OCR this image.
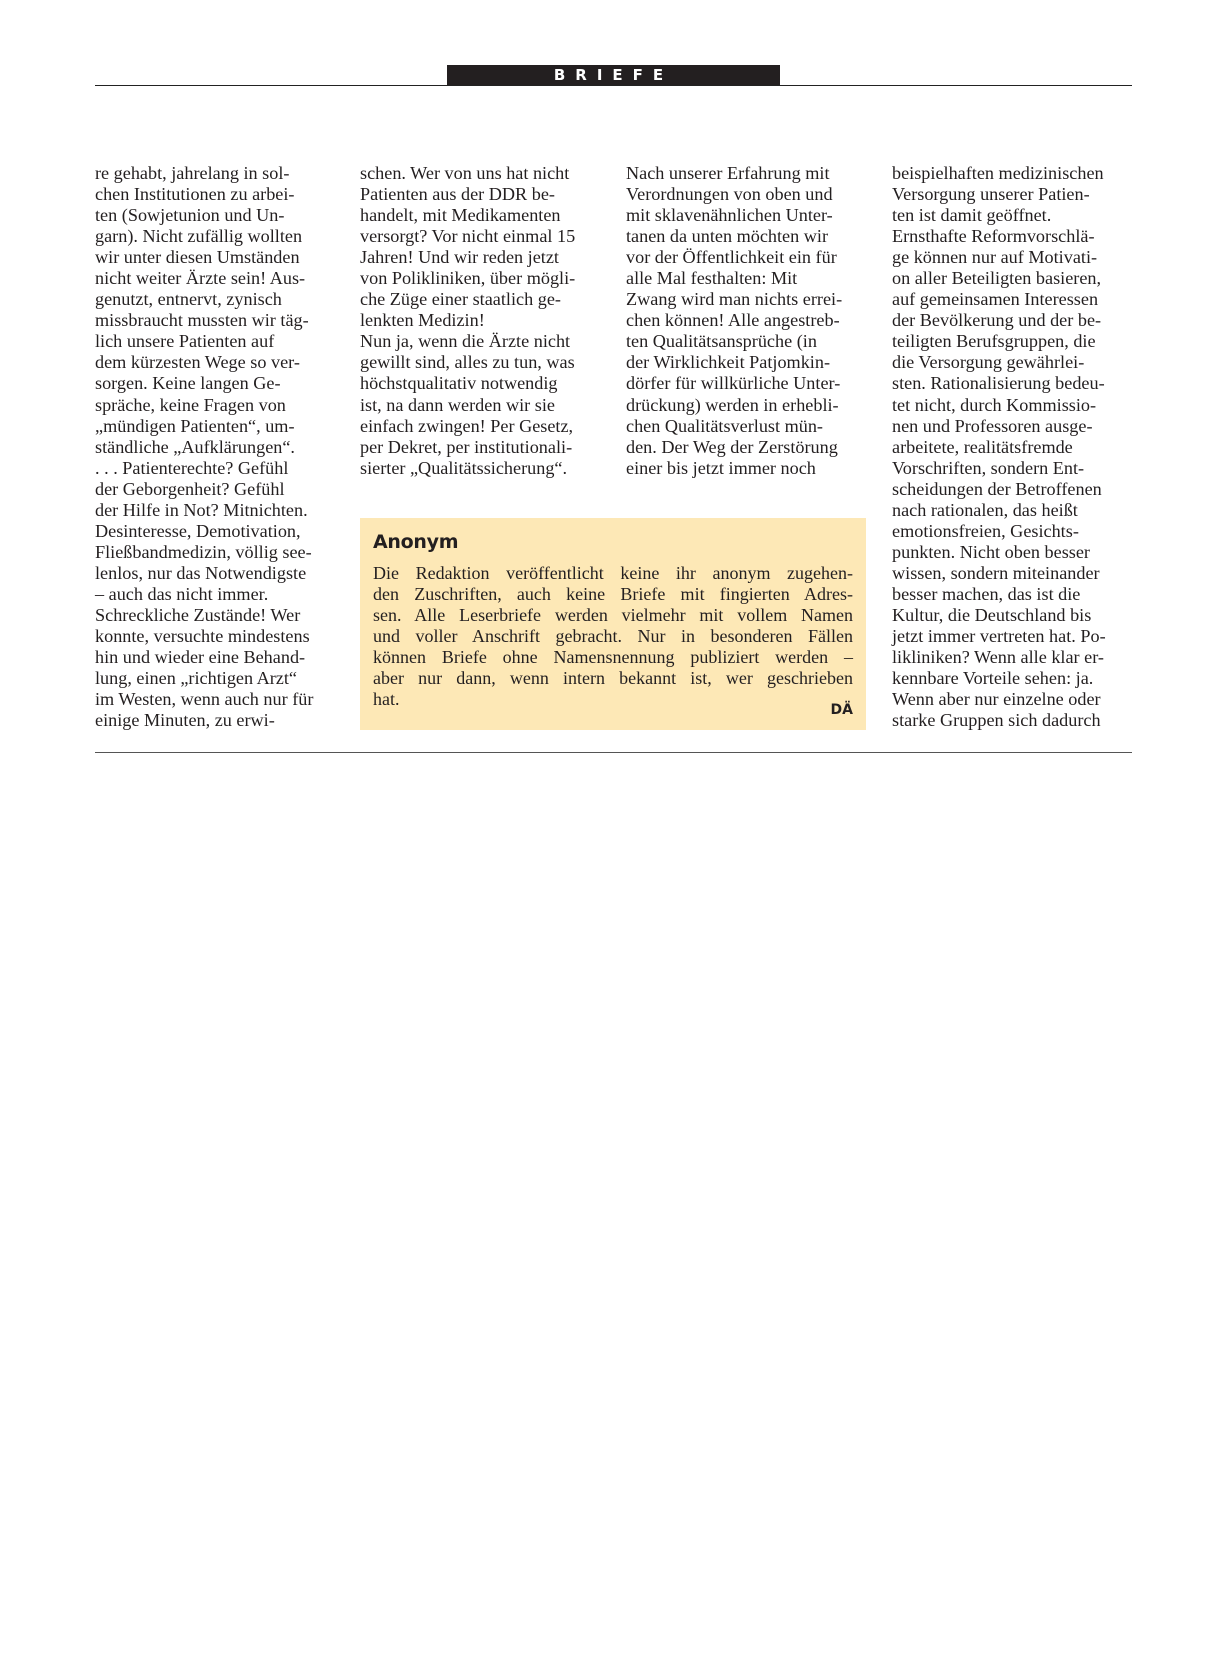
BRIEFE
re gehabt, jahrelang in sol-
chen Institutionen zu arbei-
ten (Sowjetunion und Un-
garn). Nicht zufällig wollten
wir unter diesen Umständen
nicht weiter Ärzte sein! Aus-
genutzt, entnervt, zynisch
missbraucht mussten wir täg-
lich unsere Patienten auf
dem kürzesten Wege so ver-
sorgen. Keine langen Ge-
spräche, keine Fragen von
„mündigen Patienten“, um-
ständliche „Aufklärungen“.
. . . Patienterechte? Gefühl
der Geborgenheit? Gefühl
der Hilfe in Not? Mitnichten.
Desinteresse, Demotivation,
Fließbandmedizin, völlig see-
lenlos, nur das Notwendigste
– auch das nicht immer.
Schreckliche Zustände! Wer
konnte, versuchte mindestens
hin und wieder eine Behand-
lung, einen „richtigen Arzt“
im Westen, wenn auch nur für
einige Minuten, zu erwi-
schen. Wer von uns hat nicht
Patienten aus der DDR be-
handelt, mit Medikamenten
versorgt? Vor nicht einmal 15
Jahren! Und wir reden jetzt
von Polikliniken, über mögli-
che Züge einer staatlich ge-
lenkten Medizin!
Nun ja, wenn die Ärzte nicht
gewillt sind, alles zu tun, was
höchstqualitativ notwendig
ist, na dann werden wir sie
einfach zwingen! Per Gesetz,
per Dekret, per institutionali-
sierter „Qualitätssicherung“.
Nach unserer Erfahrung mit
Verordnungen von oben und
mit sklavenähnlichen Unter-
tanen da unten möchten wir
vor der Öffentlichkeit ein für
alle Mal festhalten: Mit
Zwang wird man nichts errei-
chen können! Alle angestreb-
ten Qualitätsansprüche (in
der Wirklichkeit Patjomkin-
dörfer für willkürliche Unter-
drückung) werden in erhebli-
chen Qualitätsverlust mün-
den. Der Weg der Zerstörung
einer bis jetzt immer noch
beispielhaften medizinischen
Versorgung unserer Patien-
ten ist damit geöffnet.
Ernsthafte Reformvorschlä-
ge können nur auf Motivati-
on aller Beteiligten basieren,
auf gemeinsamen Interessen
der Bevölkerung und der be-
teiligten Berufsgruppen, die
die Versorgung gewährlei-
sten. Rationalisierung bedeu-
tet nicht, durch Kommissio-
nen und Professoren ausge-
arbeitete, realitätsfremde
Vorschriften, sondern Ent-
scheidungen der Betroffenen
nach rationalen, das heißt
emotionsfreien, Gesichts-
punkten. Nicht oben besser
wissen, sondern miteinander
besser machen, das ist die
Kultur, die Deutschland bis
jetzt immer vertreten hat. Po-
likliniken? Wenn alle klar er-
kennbare Vorteile sehen: ja.
Wenn aber nur einzelne oder
starke Gruppen sich dadurch
Anonym
Die Redaktion veröffentlicht keine ihr anonym zugehen-
den Zuschriften, auch keine Briefe mit fingierten Adres-
sen. Alle Leserbriefe werden vielmehr mit vollem Namen
und voller Anschrift gebracht. Nur in besonderen Fällen
können Briefe ohne Namensnennung publiziert werden –
aber nur dann, wenn intern bekannt ist, wer geschrieben
hat.
DÄ
